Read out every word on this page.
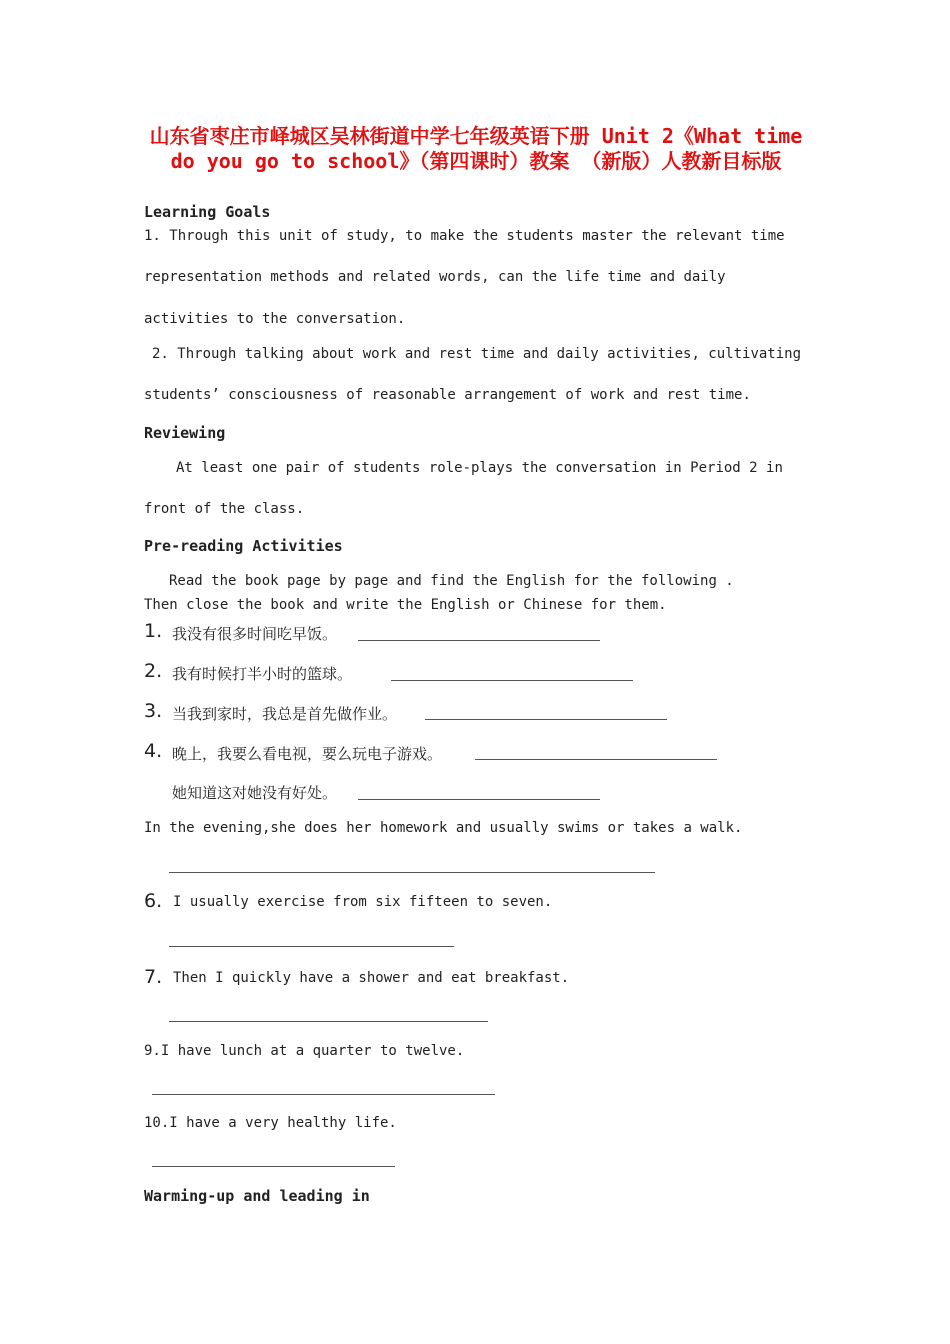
山东省枣庄市峄城区吴林街道中学七年级英语下册 Unit 2《What time do you go to school》（第四课时）教案 （新版）人教新目标版
Learning Goals
1. Through this unit of study, to make the students master the relevant time
representation methods and related words, can the life time and daily
activities to the conversation.
2. Through talking about work and rest time and daily activities, cultivating
students’ consciousness of reasonable arrangement of work and rest time.
Reviewing
At least one pair of students role-plays the conversation in Period 2 in
front of the class.
Pre-reading Activities
Read the book page by page and find the English for the following .
Then close the book and write the English or Chinese for them.
1. 我没有很多时间吃早饭。
2. 我有时候打半小时的篮球。
3. 当我到家时，我总是首先做作业。
4. 晚上，我要么看电视，要么玩电子游戏。
她知道这对她没有好处。
In the evening,she does her homework and usually swims or takes a walk.
6. I usually exercise from six fifteen to seven.
7. Then I quickly have a shower and eat breakfast.
9.I have lunch at a quarter to twelve.
10.I have a very healthy life.
Warming-up and leading in
